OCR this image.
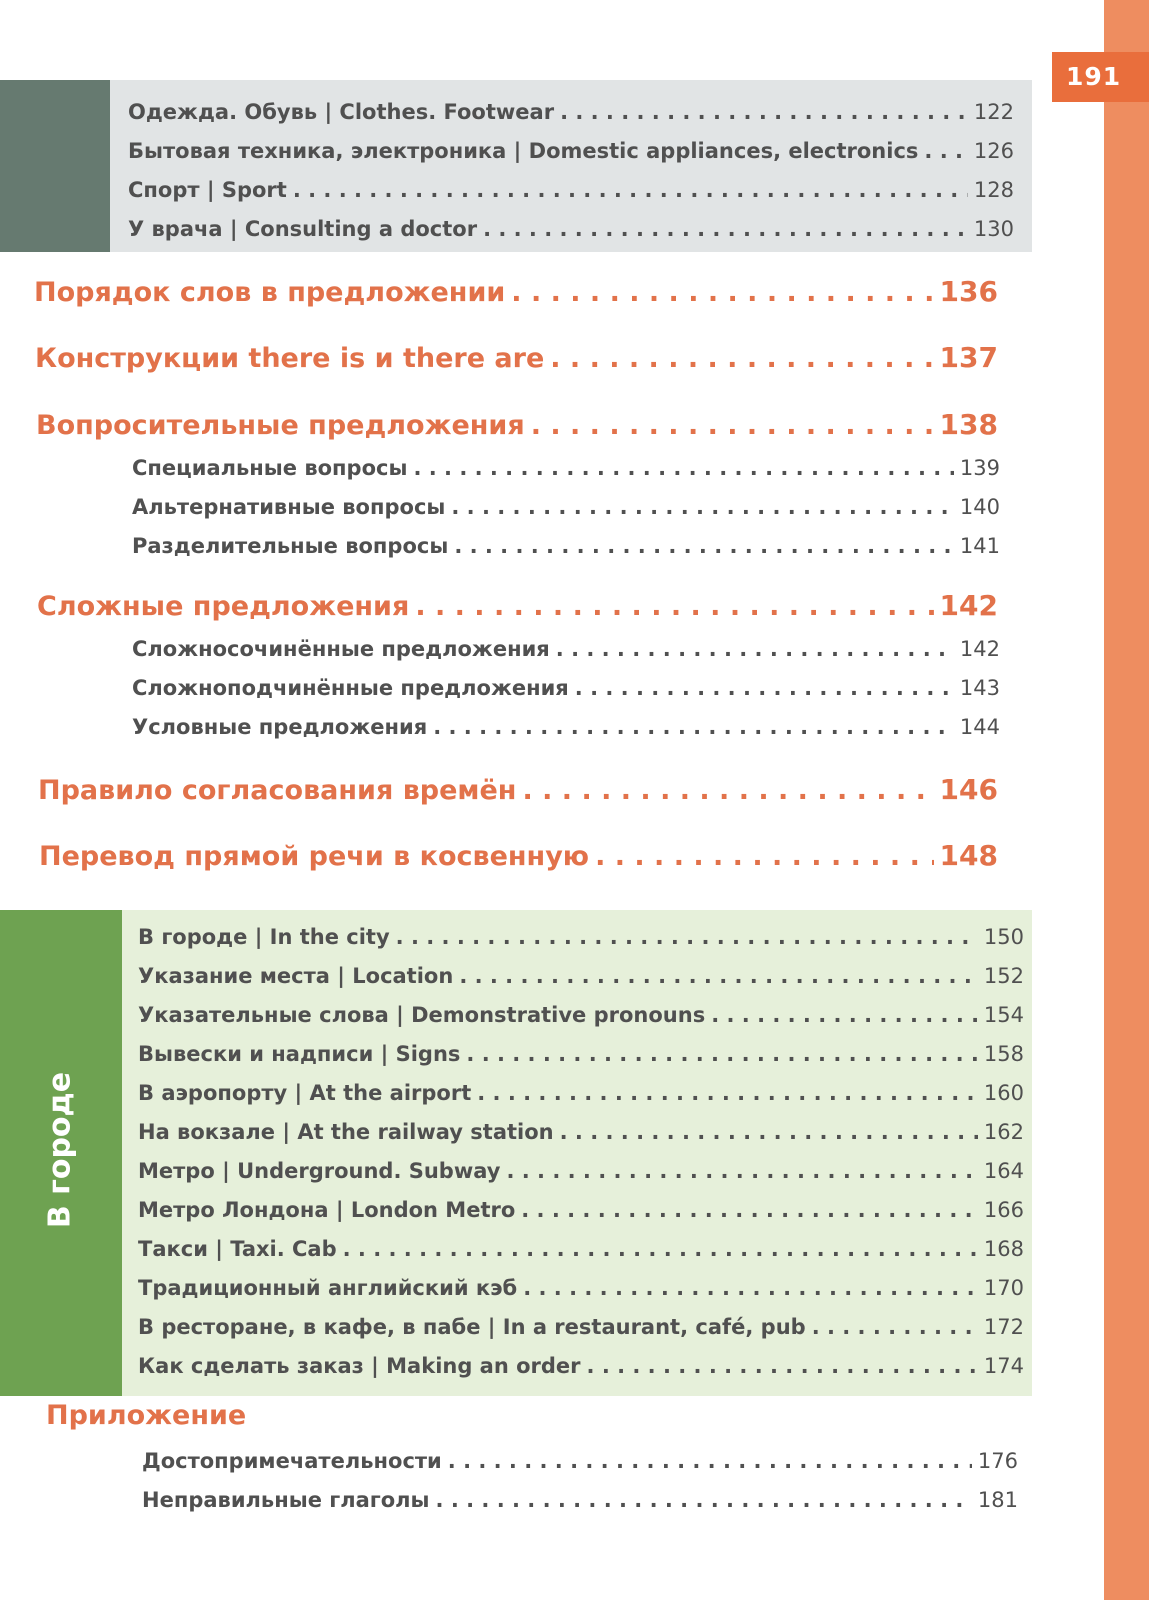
191
Одежда. Обувь | Clothes. Footwear . . .	122
Бытовая техника, электроника | Domestic appliances, electronics . . .	126
Спорт | Sport . . .	128
У врача | Consulting a doctor . . .	130
Порядок слов в предложении . . .	136
Конструкции there is и there are . . .	137
Вопросительные предложения . . .	138
Специальные вопросы . . .	139
Альтернативные вопросы . . .	140
Разделительные вопросы . . .	141
Сложные предложения . . .	142
Сложносочинённые предложения . . .	142
Сложноподчинённые предложения . . .	143
Условные предложения . . .	144
Правило согласования времён . . .	146
Перевод прямой речи в косвенную . . .	148
В городе
В городе | In the city . . .	150
Указание места | Location . . .	152
Указательные слова | Demonstrative pronouns . . .	154
Вывески и надписи | Signs . . .	158
В аэропорту | At the airport . . .	160
На вокзале | At the railway station . . .	162
Метро | Underground. Subway . . .	164
Метро Лондона | London Metro . . .	166
Такси | Taxi. Cab . . .	168
Традиционный английский кэб . . .	170
В ресторане, в кафе, в пабе | In a restaurant, café, pub . . .	172
Как сделать заказ | Making an order . . .	174
Приложение
Достопримечательности . . .	176
Неправильные глаголы . . .	181
